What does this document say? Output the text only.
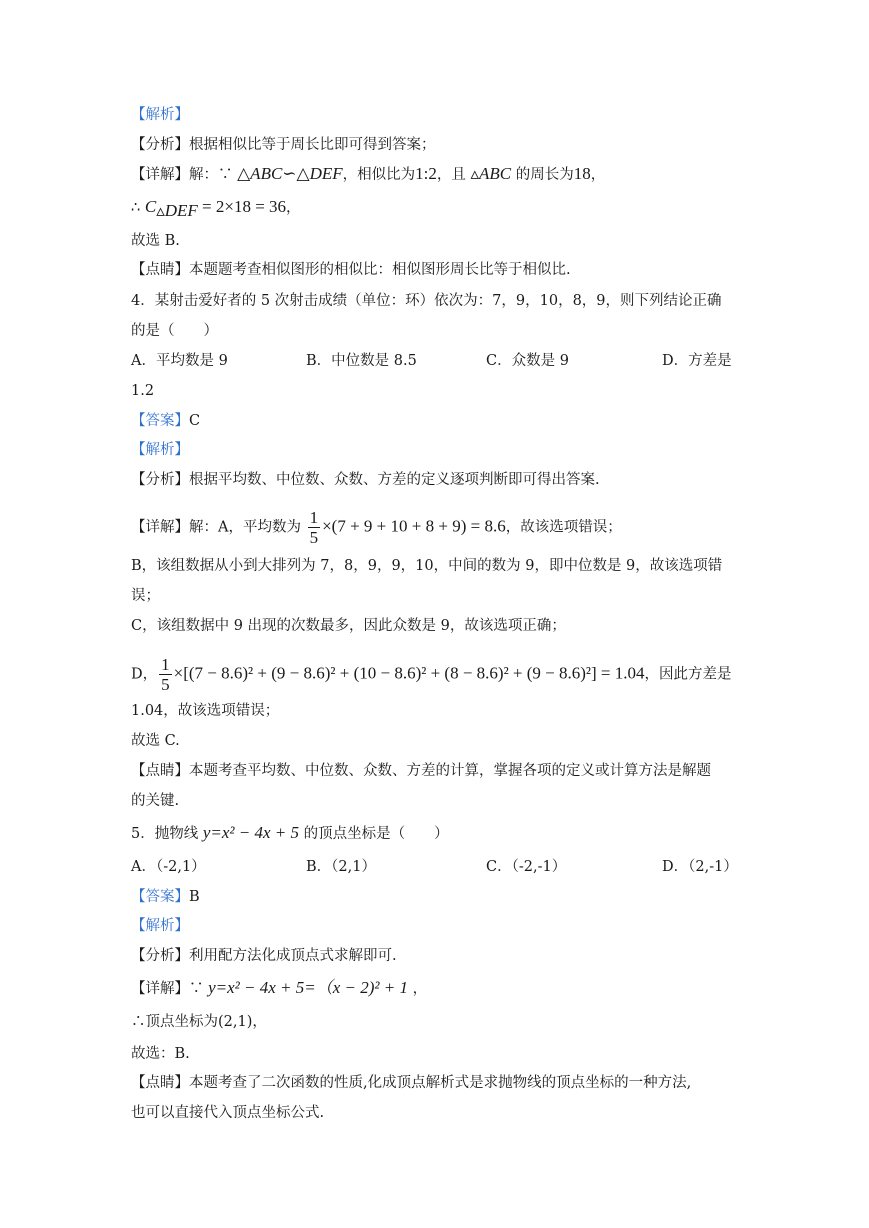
【解析】
【分析】根据相似比等于周长比即可得到答案；
【详解】解：∵ △ABC∽△DEF，相似比为1:2，且 ▵ABC 的周长为18，
∴ $C_{▵DEF} = 2\times 18 = 36$，
故选 B.
【点睛】本题题考查相似图形的相似比：相似图形周长比等于相似比.
4．某射击爱好者的 5 次射击成绩（单位：环）依次为：7，9，10，8，9，则下列结论正确
的是（　　）
A．平均数是 9	B．中位数是 8.5	C．众数是 9	D．方差是
1.2
【答案】C
【解析】
【分析】根据平均数、中位数、众数、方差的定义逐项判断即可得出答案.
【详解】解：A，平均数为 $\frac{1}{5} \times(7 + 9 + 10 + 8 + 9) = 8.6$，故该选项错误；
B，该组数据从小到大排列为 7，8，9，9，10，中间的数为 9，即中位数是 9，故该选项错
误；
C，该组数据中 9 出现的次数最多，因此众数是 9，故该选项正确；
D， $\frac{1}{5} \times[(7 - 8.6)^2 + (9 - 8.6)^2 + (10 - 8.6)^2 + (8 - 8.6)^2 + (9 - 8.6)^2] = 1.04$，因此方差是
1.04，故该选项错误；
故选 C.
【点睛】本题考查平均数、中位数、众数、方差的计算，掌握各项的定义或计算方法是解题
的关键.
5．抛物线 y=x² − 4x + 5 的顶点坐标是（　　）
A．（-2,1）	B．（2,1）	C．（-2,-1）	D．（2,-1）
【答案】B
【解析】
【分析】利用配方法化成顶点式求解即可.
【详解】∵ y=x² − 4x + 5=（x − 2)² + 1 ，
∴顶点坐标为(2,1)，
故选：B.
【点睛】本题考查了二次函数的性质,化成顶点解析式是求抛物线的顶点坐标的一种方法,
也可以直接代入顶点坐标公式.
